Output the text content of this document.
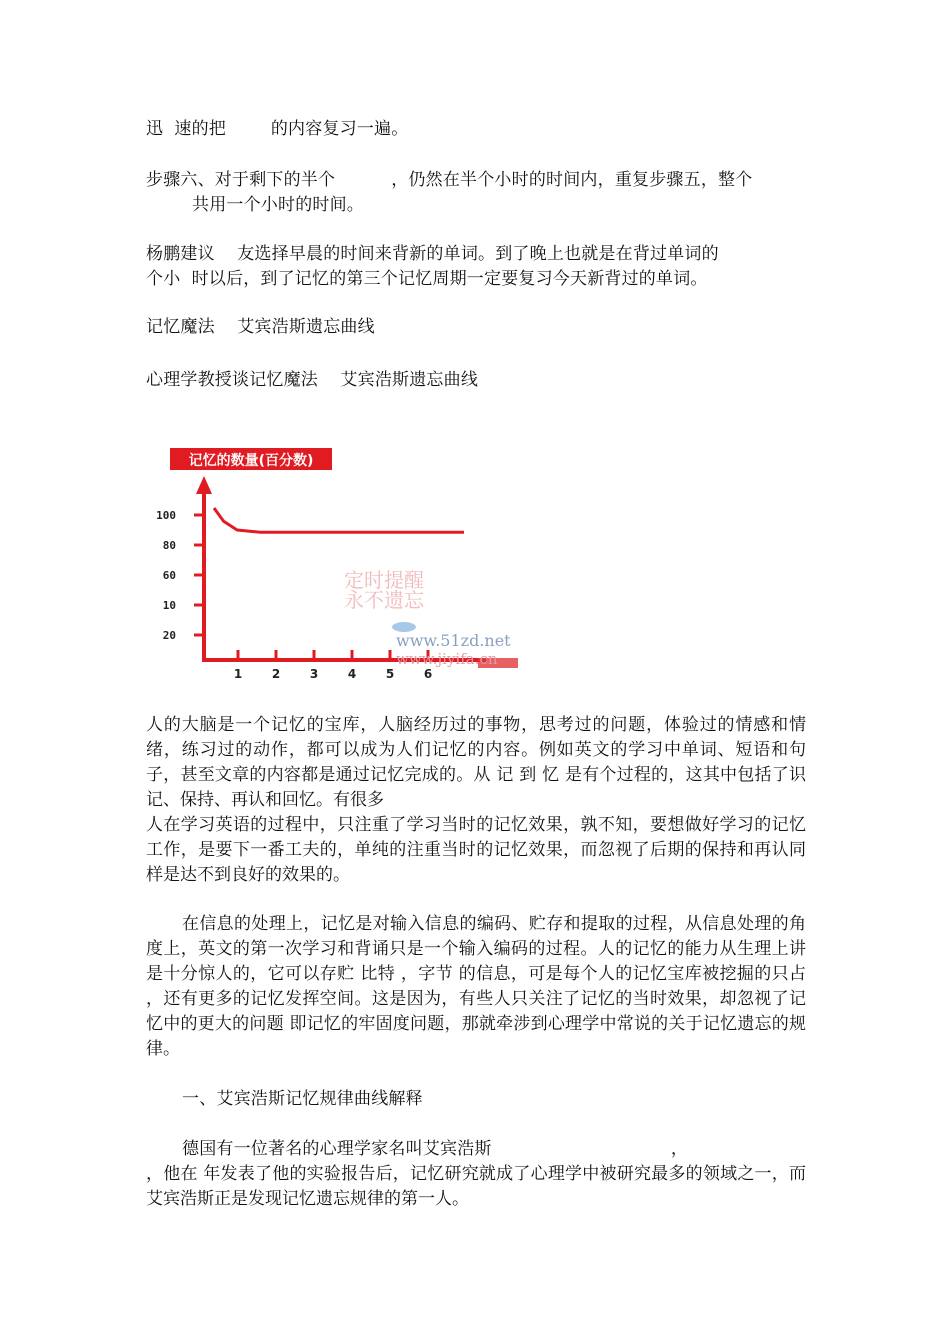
迅  速的把        的内容复习一遍。
步骤六、对于剩下的半个          ，仍然在半个小时的时间内，重复步骤五，整个
共用一个小时的时间。
杨鹏建议    友选择早晨的时间来背新的单词。到了晚上也就是在背过单词的
个小  时以后，到了记忆的第三个记忆周期一定要复习今天新背过的单词。
记忆魔法    艾宾浩斯遗忘曲线
心理学教授谈记忆魔法    艾宾浩斯遗忘曲线
记忆的数量(百分数)
100
80
60
10
20
1 2 3 4 5 6
定时提醒
永不遗忘
www.51zd.net
www.jiyifa.cn

人的大脑是一个记忆的宝库，人脑经历过的事物，思考过的问题，体验过的情感和情绪，练习过的动作，都可以成为人们记忆的内容。例如英文的学习中单词、短语和句子，甚至文章的内容都是通过记忆完成的。从 记 到 忆 是有个过程的，这其中包括了识记、保持、再认和回忆。有很多

人在学习英语的过程中，只注重了学习当时的记忆效果，孰不知，要想做好学习的记忆工作，是要下一番工夫的，单纯的注重当时的记忆效果，而忽视了后期的保持和再认同样是达不到良好的效果的。

在信息的处理上，记忆是对输入信息的编码、贮存和提取的过程，从信息处理的角度上，英文的第一次学习和背诵只是一个输入编码的过程。人的记忆的能力从生理上讲是十分惊人的，它可以存贮 比特 ，字节 的信息，可是每个人的记忆宝库被挖掘的只占 ，还有更多的记忆发挥空间。这是因为，有些人只关注了记忆的当时效果，却忽视了记忆中的更大的问题 即记忆的牢固度问题，那就牵涉到心理学中常说的关于记忆遗忘的规律。

一、艾宾浩斯记忆规律曲线解释
德国有一位著名的心理学家名叫艾宾浩斯                                ，

，他在 年发表了他的实验报告后，记忆研究就成了心理学中被研究最多的领域之一，而艾宾浩斯正是发现记忆遗忘规律的第一人。
